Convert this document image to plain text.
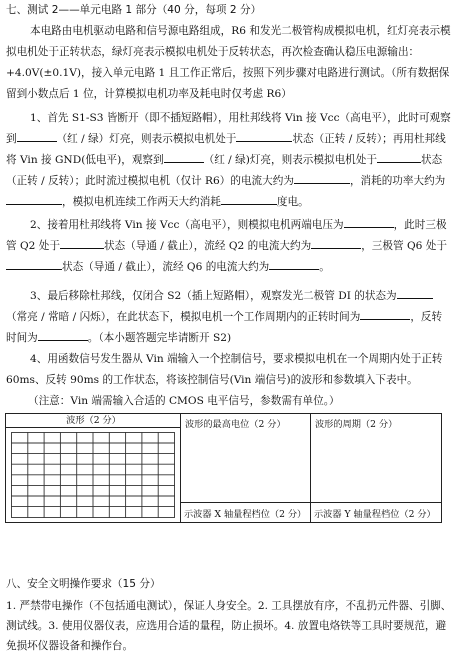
七、测试 2——单元电路 1 部分（40 分，每项 2 分）

本电路由电机驱动电路和信号源电路组成，R6 和发光二极管构成模拟电机，红灯亮表示模拟电机处于正转状态，绿灯亮表示模拟电机处于反转状态，再次检查确认稳压电源输出：+4.0V(±0.1V)，接入单元电路 1 且工作正常后，按照下列步骤对电路进行测试。（所有数据保留到小数点后 1 位，计算模拟电机功率及耗电时仅考虑 R6）

1、首先 S1-S3 皆断开（即不插短路帽），用杜邦线将 Vin 接 Vcc（高电平），此时可观察到	（红 / 绿）灯亮，则表示模拟电机处于	状态（正转 / 反转）；再用杜邦线将 Vin 接 GND(低电平)，观察到	（红 / 绿)灯亮，则表示模拟电机处于	状态（正转 / 反转）；此时流过模拟电机（仅计 R6）的电流大约为	，消耗的功率大约为，模拟电机连续工作两天大约消耗	度电。

2、接着用杜邦线将 Vin 接 Vcc（高电平），则模拟电机两端电压为	，此时三极管 Q2 处于	状态（导通 / 截止），流经 Q2 的电流大约为	，三极管 Q6 处于状态（导通 / 截止），流经 Q6 的电流大约为	。

3、最后移除杜邦线，仅闭合 S2（插上短路帽），观察发光二极管 DI 的状态为（常亮 / 常暗 / 闪烁），在此状态下，模拟电机一个工作周期内的正转时间为	，反转时间为	。（本小题答题完毕请断开 S2)

4、用函数信号发生器从 Vin 端输入一个控制信号，要求模拟电机在一个周期内处于正转 60ms、反转 90ms 的工作状态，将该控制信号(Vin 端信号)的波形和参数填入下表中。

（注意：Vin 端需输入合适的 CMOS 电平信号，参数需有单位。）

波形（2 分）	波形的最高电位（2 分）	波形的周期（2 分）
示波器 X 轴量程档位（2 分） 示波器 Y 轴量程档位（2 分）

八、安全文明操作要求（15 分）

1. 严禁带电操作（不包括通电测试），保证人身安全。2. 工具摆放有序，不乱扔元件器、引脚、测试线。3. 使用仪器仪表，应选用合适的量程，防止损坏。4. 放置电烙铁等工具时要规范，避免损坏仪器设备和操作台。
